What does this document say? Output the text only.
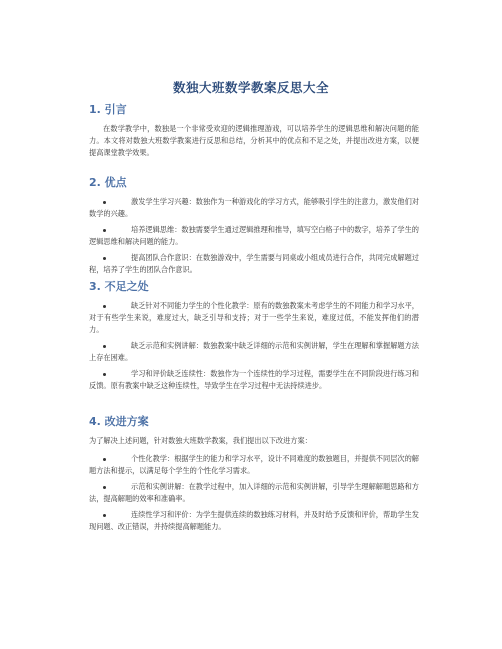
数独大班数学教案反思大全
1. 引言

在数学教学中，数独是一个非常受欢迎的逻辑推理游戏，可以培养学生的逻辑思维和解决问题的能力。本文将对数独大班数学教案进行反思和总结，分析其中的优点和不足之处，并提出改进方案，以便提高课堂教学效果。

2. 优点
激发学生学习兴趣：数独作为一种游戏化的学习方式，能够吸引学生的注意力，激发他们对数学的兴趣。
培养逻辑思维：数独需要学生通过逻辑推理和推导，填写空白格子中的数字，培养了学生的逻辑思维和解决问题的能力。
提高团队合作意识：在数独游戏中，学生需要与同桌或小组成员进行合作，共同完成解题过程，培养了学生的团队合作意识。
3. 不足之处
缺乏针对不同能力学生的个性化教学：原有的数独教案未考虑学生的不同能力和学习水平，对于有些学生来说，难度过大，缺乏引导和支持；对于一些学生来说，难度过低，不能发挥他们的潜力。
缺乏示范和实例讲解：数独教案中缺乏详细的示范和实例讲解，学生在理解和掌握解题方法上存在困难。
学习和评价缺乏连续性：数独作为一个连续性的学习过程，需要学生在不同阶段进行练习和反馈。原有教案中缺乏这种连续性，导致学生在学习过程中无法持续进步。
4. 改进方案

为了解决上述问题，针对数独大班数学教案，我们提出以下改进方案：

个性化教学：根据学生的能力和学习水平，设计不同难度的数独题目，并提供不同层次的解题方法和提示，以满足每个学生的个性化学习需求。
示范和实例讲解：在教学过程中，加入详细的示范和实例讲解，引导学生理解解题思路和方法，提高解题的效率和准确率。
连续性学习和评价：为学生提供连续的数独练习材料，并及时给予反馈和评价，帮助学生发现问题、改正错误，并持续提高解题能力。
